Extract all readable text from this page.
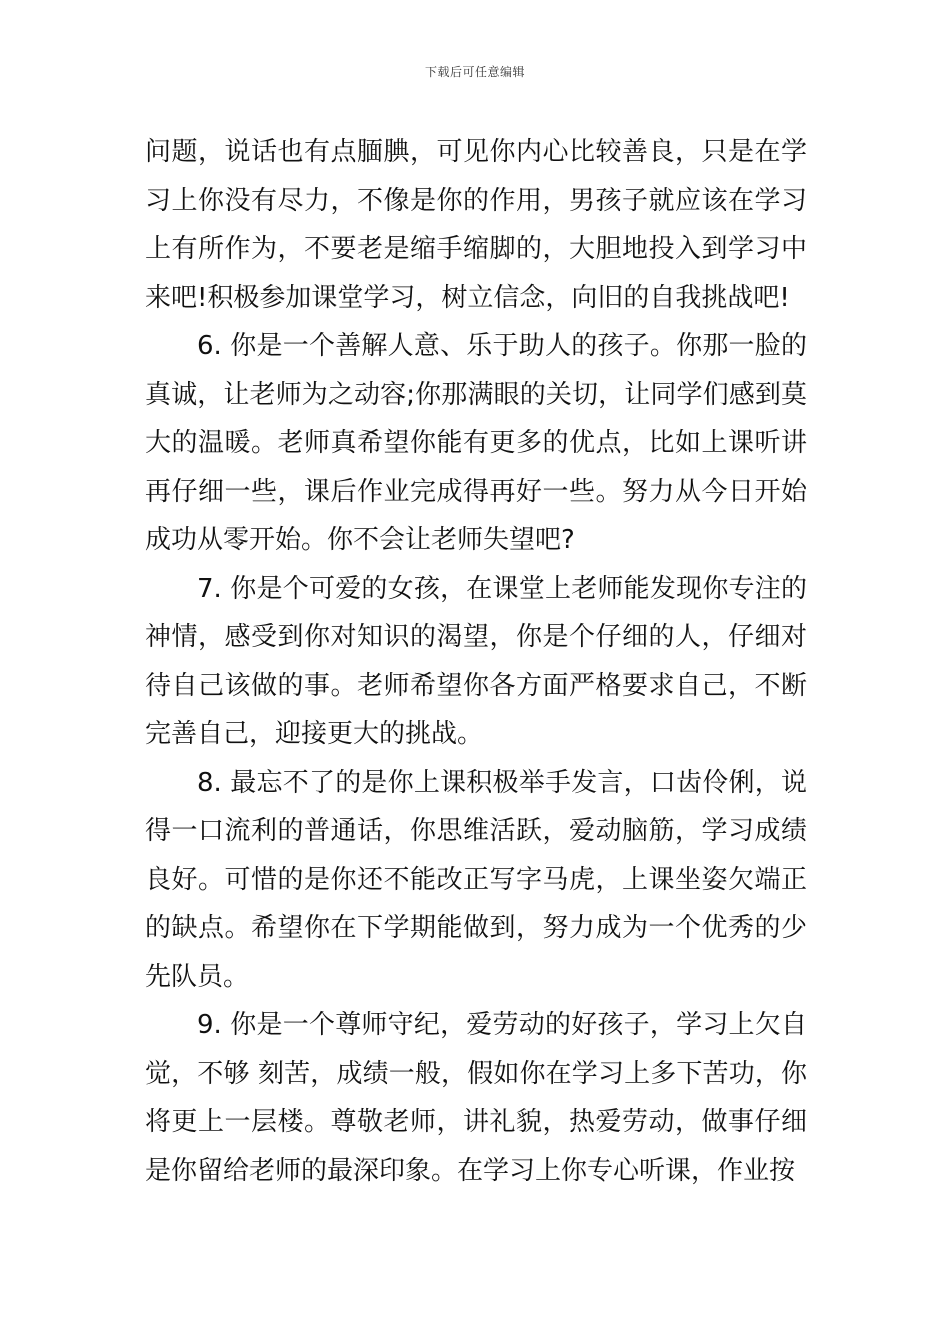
下载后可任意编辑

问题，说话也有点腼腆，可见你内心比较善良，只是在学习上你没有尽力，不像是你的作用，男孩子就应该在学习上有所作为，不要老是缩手缩脚的，大胆地投入到学习中来吧!积极参加课堂学习，树立信念，向旧的自我挑战吧!

6. 你是一个善解人意、乐于助人的孩子。你那一脸的真诚，让老师为之动容;你那满眼的关切，让同学们感到莫大的温暖。老师真希望你能有更多的优点，比如上课听讲再仔细一些，课后作业完成得再好一些。努力从今日开始成功从零开始。你不会让老师失望吧?

7. 你是个可爱的女孩，在课堂上老师能发现你专注的神情，感受到你对知识的渴望，你是个仔细的人，仔细对待自己该做的事。老师希望你各方面严格要求自己，不断完善自己，迎接更大的挑战。

8. 最忘不了的是你上课积极举手发言，口齿伶俐，说得一口流利的普通话，你思维活跃，爱动脑筋，学习成绩良好。可惜的是你还不能改正写字马虎，上课坐姿欠端正的缺点。希望你在下学期能做到，努力成为一个优秀的少先队员。

9. 你是一个尊师守纪，爱劳动的好孩子，学习上欠自觉，不够 刻苦，成绩一般，假如你在学习上多下苦功，你将更上一层楼。尊敬老师，讲礼貌，热爱劳动，做事仔细是你留给老师的最深印象。在学习上你专心听课，作业按
